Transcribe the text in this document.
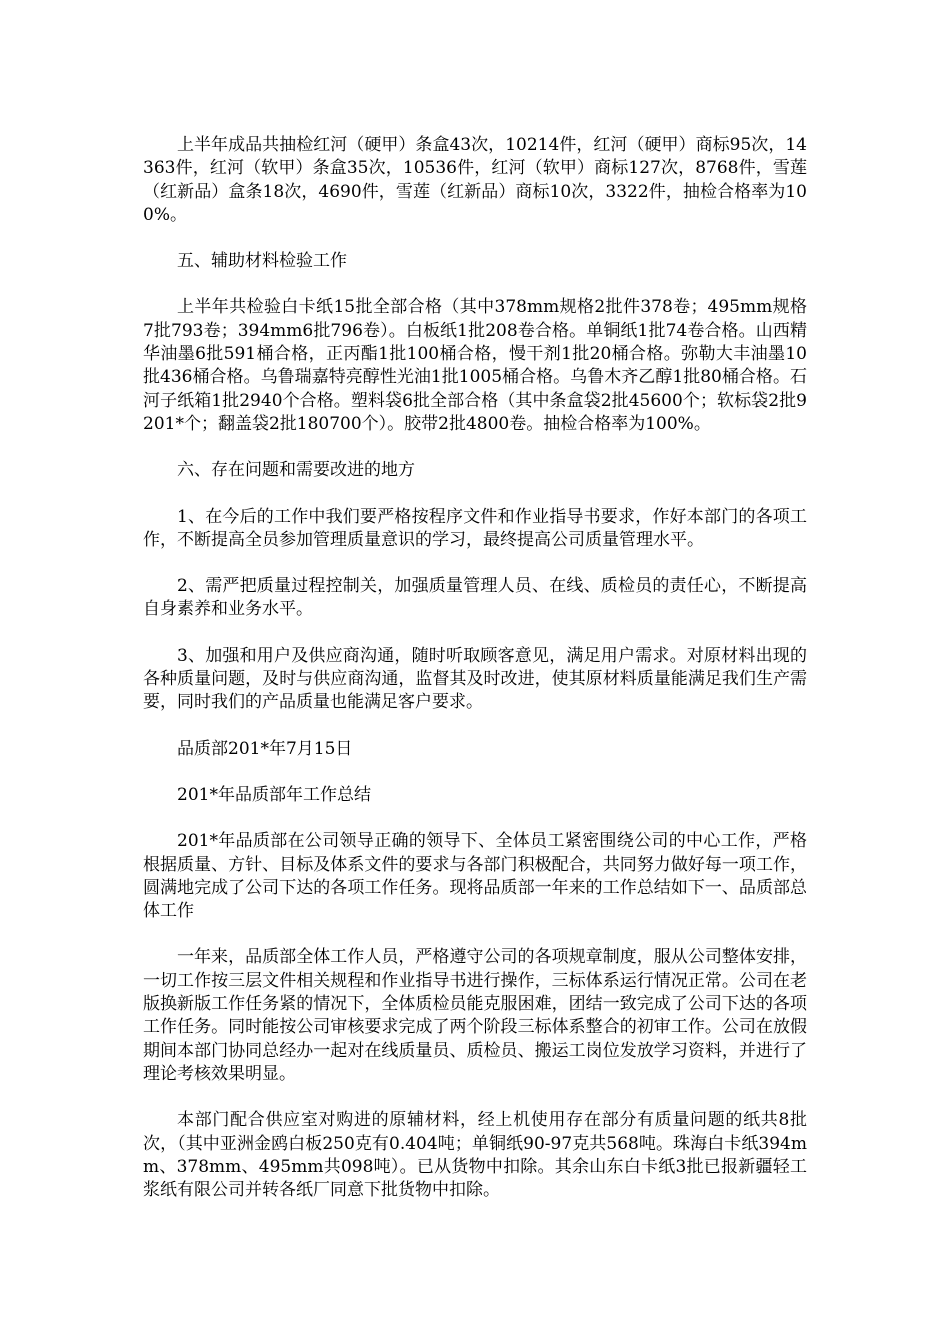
上半年成品共抽检红河（硬甲）条盒43次，10214件，红河（硬甲）商标95次，14363件，红河（软甲）条盒35次，10536件，红河（软甲）商标127次，8768件，雪莲（红新品）盒条18次，4690件，雪莲（红新品）商标10次，3322件，抽检合格率为100%。

五、辅助材料检验工作

上半年共检验白卡纸15批全部合格（其中378mm规格2批件378卷；495mm规格7批793卷；394mm6批796卷）。白板纸1批208卷合格。单铜纸1批74卷合格。山西精华油墨6批591桶合格，正丙酯1批100桶合格，慢干剂1批20桶合格。弥勒大丰油墨10批436桶合格。乌鲁瑞嘉特亮醇性光油1批1005桶合格。乌鲁木齐乙醇1批80桶合格。石河子纸箱1批2940个合格。塑料袋6批全部合格（其中条盒袋2批45600个；软标袋2批9201*个；翻盖袋2批180700个）。胶带2批4800卷。抽检合格率为100%。

六、存在问题和需要改进的地方

1、在今后的工作中我们要严格按程序文件和作业指导书要求，作好本部门的各项工作，不断提高全员参加管理质量意识的学习，最终提高公司质量管理水平。

2、需严把质量过程控制关，加强质量管理人员、在线、质检员的责任心，不断提高自身素养和业务水平。

3、加强和用户及供应商沟通，随时听取顾客意见，满足用户需求。对原材料出现的各种质量问题，及时与供应商沟通，监督其及时改进，使其原材料质量能满足我们生产需要，同时我们的产品质量也能满足客户要求。

品质部201*年7月15日

201*年品质部年工作总结

201*年品质部在公司领导正确的领导下、全体员工紧密围绕公司的中心工作，严格根据质量、方针、目标及体系文件的要求与各部门积极配合，共同努力做好每一项工作，圆满地完成了公司下达的各项工作任务。现将品质部一年来的工作总结如下一、品质部总体工作

一年来，品质部全体工作人员，严格遵守公司的各项规章制度，服从公司整体安排，一切工作按三层文件相关规程和作业指导书进行操作，三标体系运行情况正常。公司在老版换新版工作任务紧的情况下，全体质检员能克服困难，团结一致完成了公司下达的各项工作任务。同时能按公司审核要求完成了两个阶段三标体系整合的初审工作。公司在放假期间本部门协同总经办一起对在线质量员、质检员、搬运工岗位发放学习资料，并进行了理论考核效果明显。

本部门配合供应室对购进的原辅材料，经上机使用存在部分有质量问题的纸共8批次，（其中亚洲金鸥白板250克有0.404吨；单铜纸90-97克共568吨。珠海白卡纸394mm、378mm、495mm共098吨）。已从货物中扣除。其余山东白卡纸3批已报新疆轻工浆纸有限公司并转各纸厂同意下批货物中扣除。
